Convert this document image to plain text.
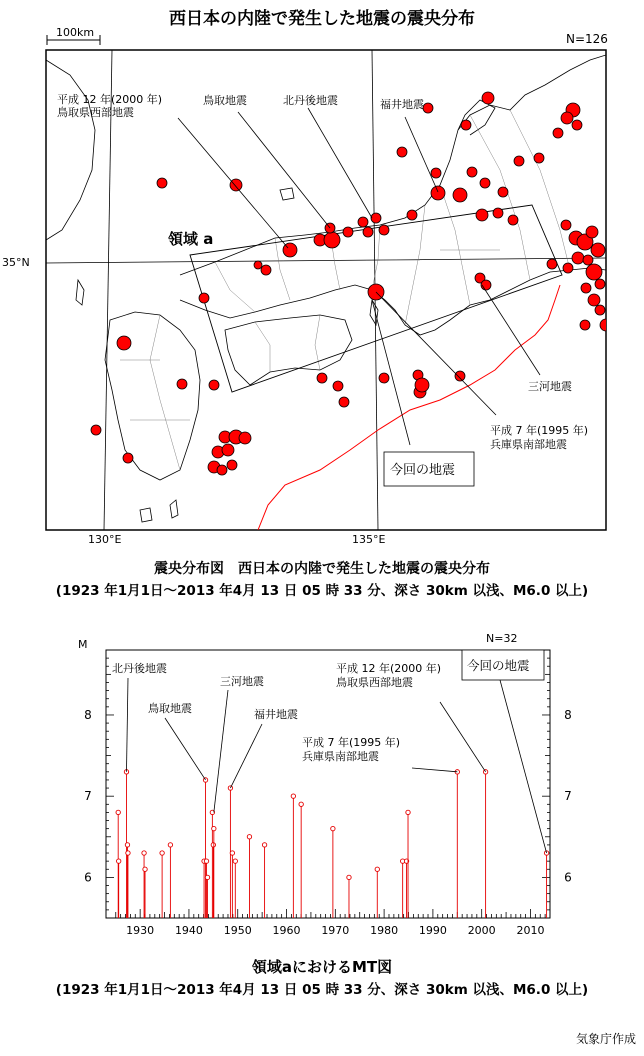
西日本の内陸で発生した地震の震央分布
100km	N=126
平成 12 年(2000 年)
鳥取県西部地震
鳥取地震	北丹後地震	福井地震
領域 a
35°N
三河地震
平成 7 年(1995 年)
兵庫県南部地震
今回の地震
130°E	135°E
震央分布図　西日本の内陸で発生した地震の震央分布
(1923 年1月1日～2013 年4月 13 日 05 時 33 分、深さ 30km 以浅、M6.0 以上)
N=32
M
1930 1940 1950 1960 1970 1980 1990 2000 2010
6	6
7	7
8	8
北丹後地震
鳥取地震
三河地震
福井地震
平成 12 年(2000 年)
鳥取県西部地震
平成 7 年(1995 年)
兵庫県南部地震
今回の地震
領域aにおけるMT図
(1923 年1月1日～2013 年4月 13 日 05 時 33 分、深さ 30km 以浅、M6.0 以上)
気象庁作成
